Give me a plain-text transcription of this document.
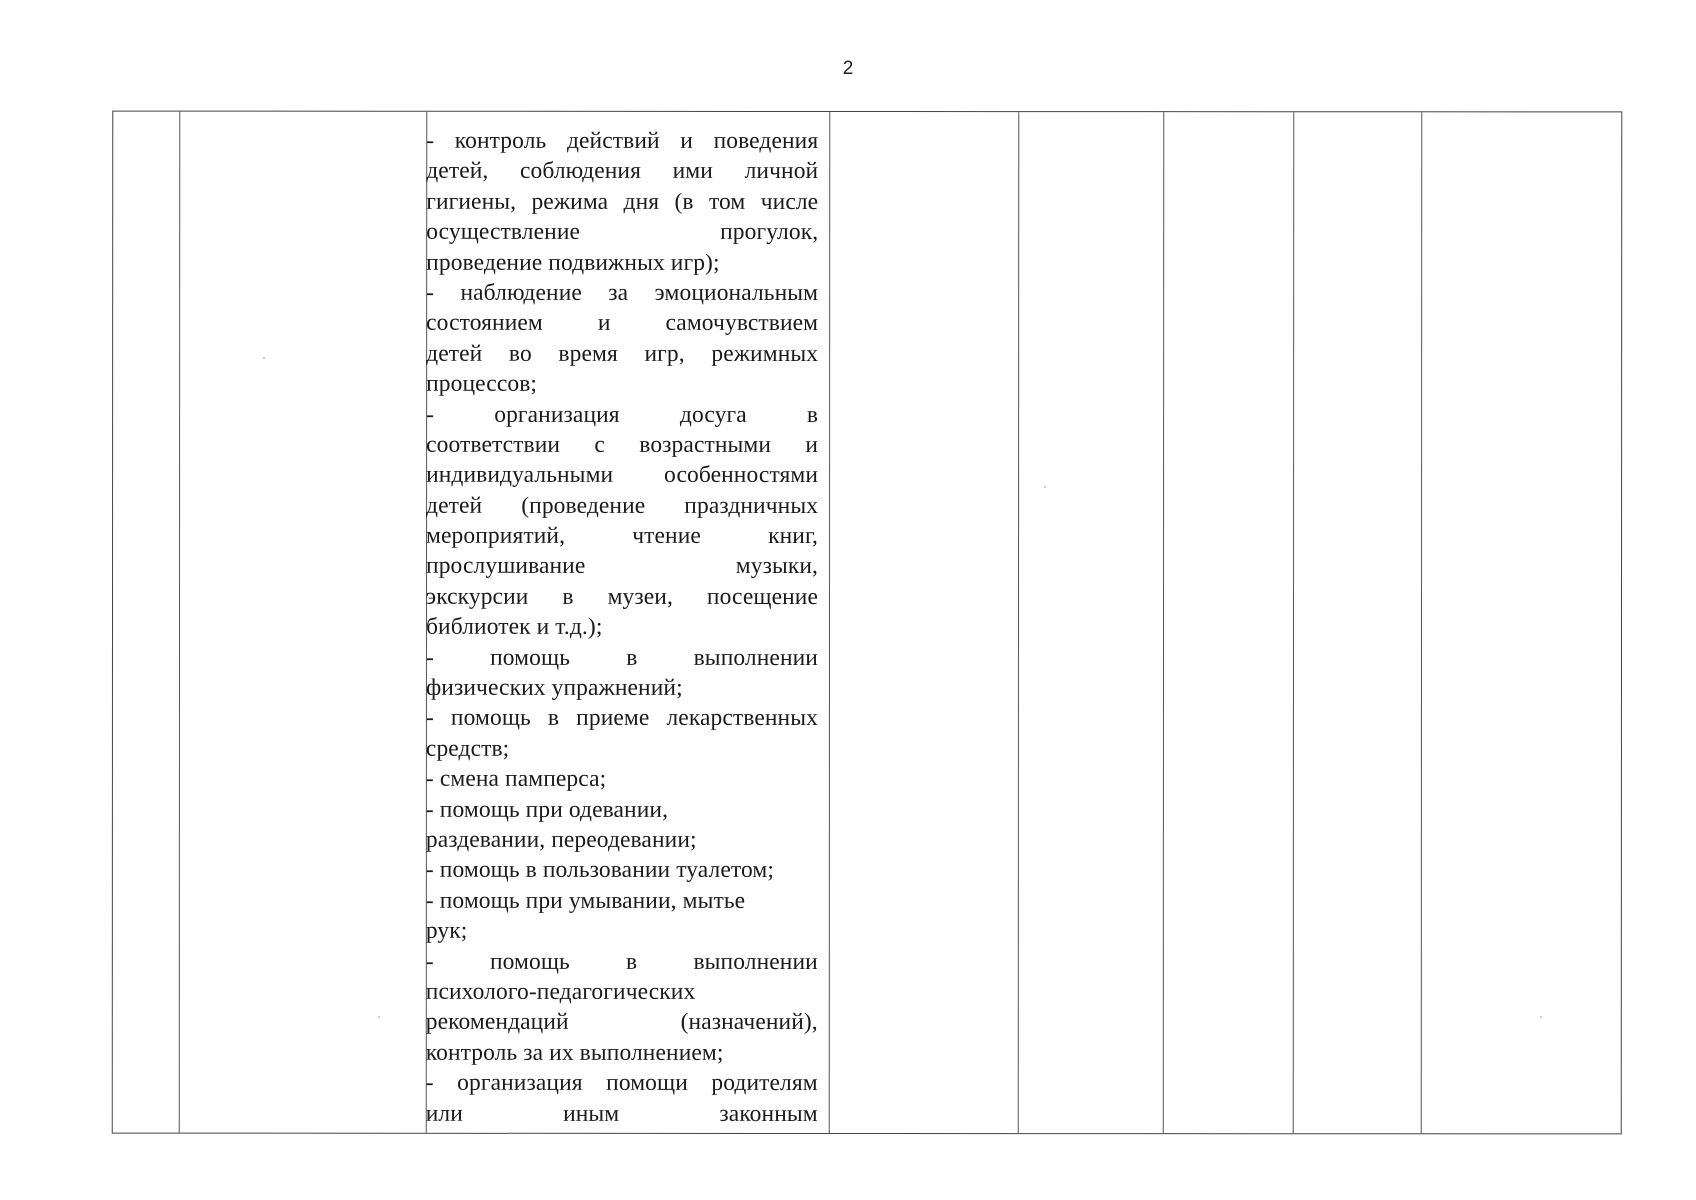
2
- контроль действий и поведения
детей, соблюдения ими личной
гигиены, режима дня (в том числе
осуществление прогулок,
проведение подвижных игр);
- наблюдение за эмоциональным
состоянием и самочувствием
детей во время игр, режимных
процессов;
- организация досуга в
соответствии с возрастными и
индивидуальными особенностями
детей (проведение праздничных
мероприятий, чтение книг,
прослушивание музыки,
экскурсии в музеи, посещение
библиотек и т.д.);
- помощь в выполнении
физических упражнений;
- помощь в приеме лекарственных
средств;
- смена памперса;
- помощь при одевании,
раздевании, переодевании;
- помощь в пользовании туалетом;
- помощь при умывании, мытье
рук;
- помощь в выполнении
психолого-педагогических
рекомендаций (назначений),
контроль за их выполнением;
- организация помощи родителям
или иным законным
